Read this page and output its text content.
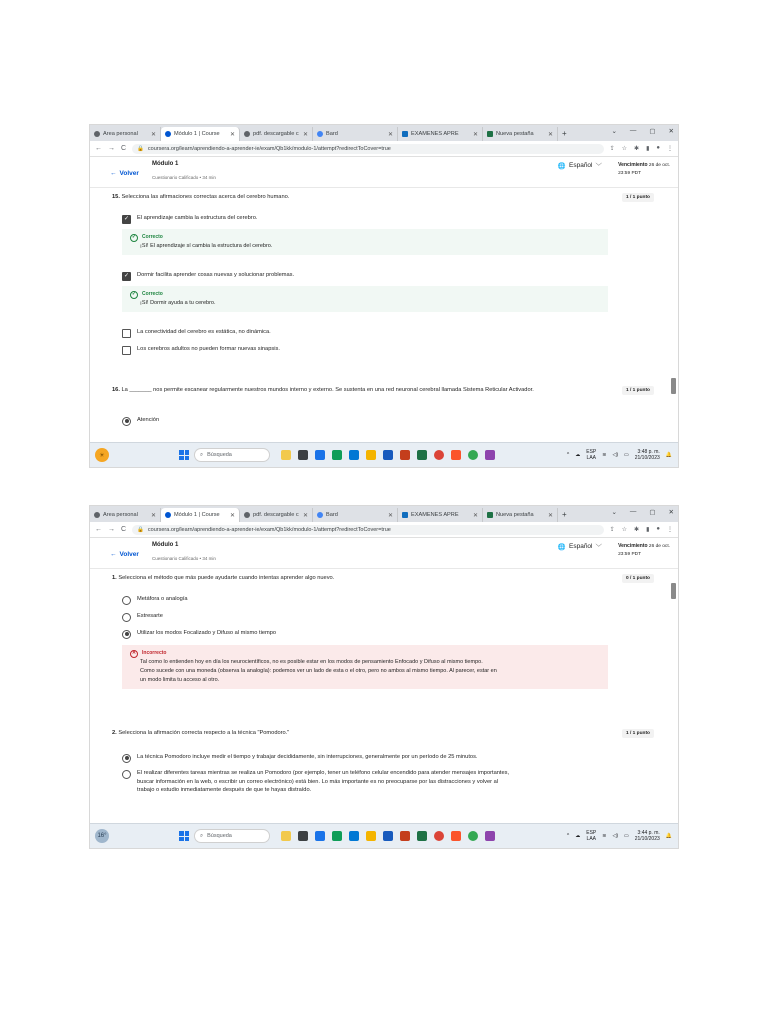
Área personal ✕	Módulo 1 | Course ✕	pdf. descargable c ✕	Bard	✕	EXAMENES APRE ✕	Nueva pestaña ✕	+	⌄ — ▢ ✕
← → C 🔒 coursera.org/learn/aprendiendo-a-aprender-ie/exam/Qb1kk/modulo-1/attempt?redirectToCover=true	⇪ ☆ ✱ ▮ ● ⋮
← Volver
Módulo 1
Cuestionario Calificado • 34 min
🌐 Español ﹀	Vencimiento 26 de oct.
23:59 PDT
15. Selecciona las afirmaciones correctas acerca del cerebro humano.	1 / 1 punto
✓	El aprendizaje cambia la estructura del cerebro.
✓	Correcto
¡Sí! El aprendizaje sí cambia la estructura del cerebro.
✓	Dormir facilita aprender cosas nuevas y solucionar problemas.
✓	Correcto
¡Sí! Dormir ayuda a tu cerebro.
La conectividad del cerebro es estática, no dinámica.
Los cerebros adultos no pueden formar nuevas sinapsis.
16. La _______ nos permite escanear regularmente nuestros mundos interno y externo. Se sustenta en una red neuronal cerebral llamada Sistema Reticular Activador.	1 / 1 punto
Atención
☀	⌕ Búsqueda	^ ☁ ESP
LAA ≋ ◁) ▭	3:48 p. m.
21/10/2023 🔔
Área personal ✕	Módulo 1 | Course ✕	pdf. descargable c ✕	Bard	✕	EXAMENES APRE ✕	Nueva pestaña ✕	+	⌄ — ▢ ✕
← → C 🔒 coursera.org/learn/aprendiendo-a-aprender-ie/exam/Qb1kk/modulo-1/attempt?redirectToCover=true	⇪ ☆ ✱ ▮ ● ⋮
← Volver
Módulo 1
Cuestionario Calificado • 34 min
🌐 Español ﹀	Vencimiento 26 de oct.
23:59 PDT
1. Selecciona el método que más puede ayudarte cuando intentas aprender algo nuevo.	0 / 1 punto
Metáfora o analogía
Estresarte
Utilizar los modos Focalizado y Difuso al mismo tiempo
✕	Incorrecto
Tal como lo entienden hoy en día los neurocientíficos, no es posible estar en los modos de pensamiento Enfocado y Difuso al mismo tiempo.
Como sucede con una moneda (observa la analogía): podemos ver un lado de esta o el otro, pero no ambos al mismo tiempo. Al parecer, estar en
un modo limita tu acceso al otro.
2. Selecciona la afirmación correcta respecto a la técnica "Pomodoro."	1 / 1 punto
La técnica Pomodoro incluye medir el tiempo y trabajar decididamente, sin interrupciones, generalmente por un período de 25 minutos.
El realizar diferentes tareas mientras se realiza un Pomodoro (por ejemplo, tener un teléfono celular encendido para atender mensajes importantes,
buscar información en la web, o escribir un correo electrónico) está bien. Lo más importante es no preocuparse por las distracciones y volver al
trabajo o estudio inmediatamente después de que te hayas distraído.
16°	⌕ Búsqueda	^ ☁ ESP
LAA ≋ ◁) ▭	3:44 p. m.
21/10/2023 🔔
